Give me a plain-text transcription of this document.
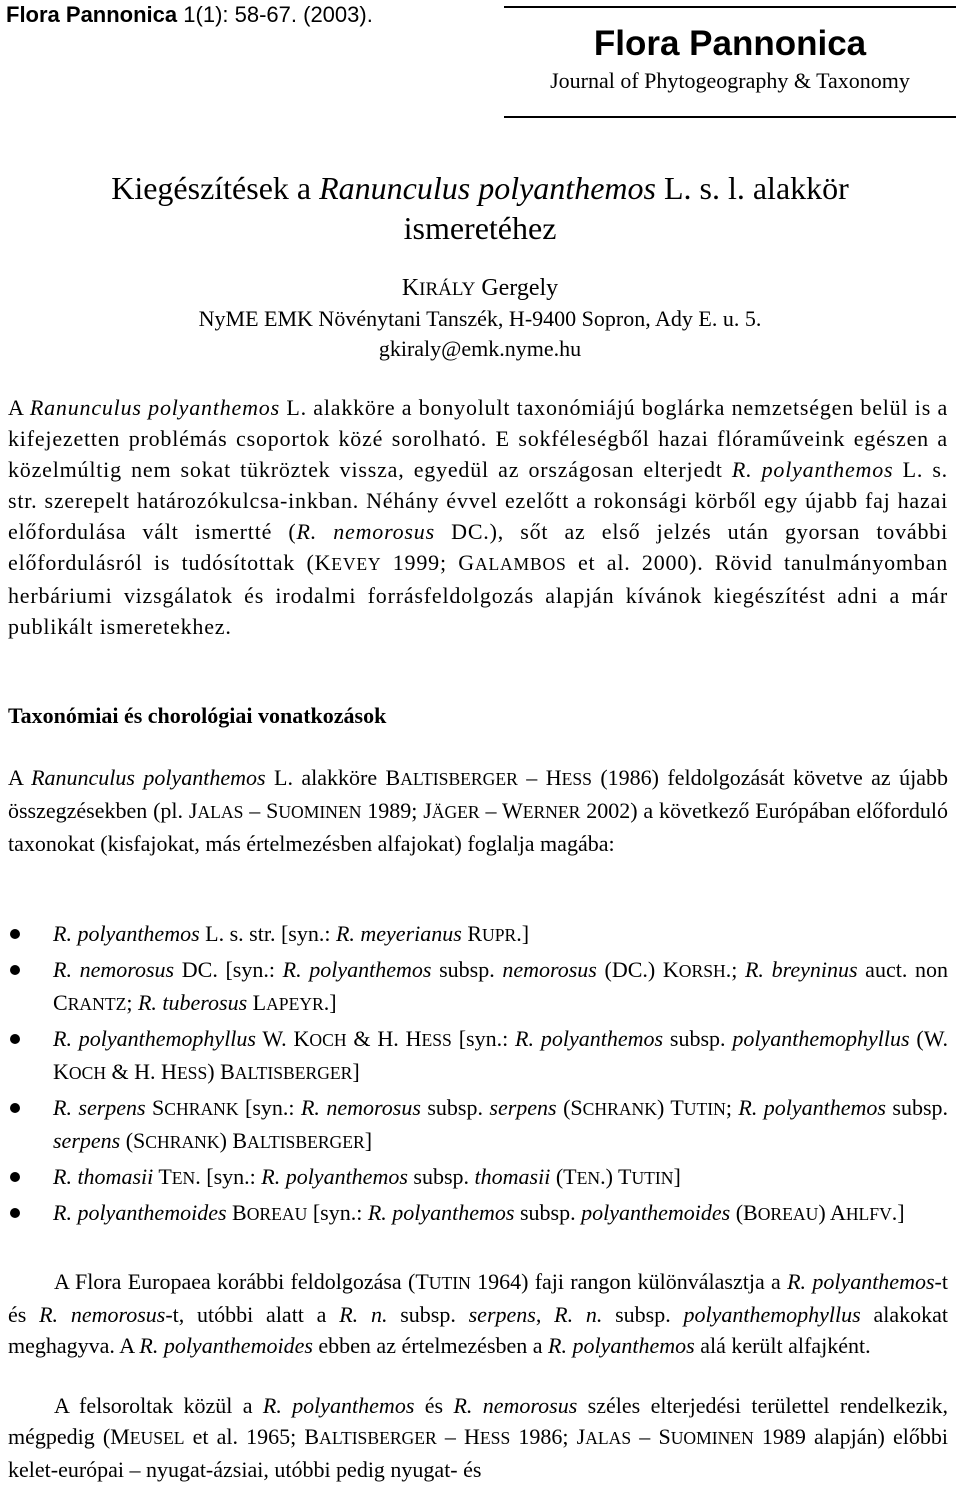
Flora Pannonica 1(1): 58-67. (2003).
Flora Pannonica
Journal of Phytogeography & Taxonomy
Kiegészítések a Ranunculus polyanthemos L. s. l. alakkör
ismeretéhez
KIRÁLY Gergely
NyME EMK Növénytani Tanszék, H-9400 Sopron, Ady E. u. 5.
gkiraly@emk.nyme.hu

A Ranunculus polyanthemos L. alakköre a bonyolult taxonómiájú boglárka nemzetségen belül is a kifejezetten problémás csoportok közé sorolható. E sokféleségből hazai flóraműveink egészen a közelmúltig nem sokat tükröztek vissza, egyedül az országosan elterjedt R. polyanthemos L. s. str. szerepelt határozókulcsa-inkban. Néhány évvel ezelőtt a rokonsági körből egy újabb faj hazai előfordulása vált ismertté (R. nemorosus DC.), sőt az első jelzés után gyorsan további előfordulásról is tudósítottak (KEVEY 1999; GALAMBOS et al. 2000). Rövid tanulmányomban herbáriumi vizsgálatok és irodalmi forrásfeldolgozás alapján kívánok kiegészítést adni a már publikált ismeretekhez.

Taxonómiai és chorológiai vonatkozások

A Ranunculus polyanthemos L. alakköre BALTISBERGER – HESS (1986) feldolgozását követve az újabb összegzésekben (pl. JALAS – SUOMINEN 1989; JÄGER – WERNER 2002) a következő Európában előforduló taxonokat (kisfajokat, más értelmezésben alfajokat) foglalja magába:

R. polyanthemos L. s. str. [syn.: R. meyerianus RUPR.]
R. nemorosus DC. [syn.: R. polyanthemos subsp. nemorosus (DC.) KORSH.; R. breyninus auct. non CRANTZ; R. tuberosus LAPEYR.]
R. polyanthemophyllus W. KOCH & H. HESS [syn.: R. polyanthemos subsp. polyanthemophyllus (W. KOCH & H. HESS) BALTISBERGER]
R. serpens SCHRANK [syn.: R. nemorosus subsp. serpens (SCHRANK) TUTIN; R. polyanthemos subsp. serpens (SCHRANK) BALTISBERGER]
R. thomasii TEN. [syn.: R. polyanthemos subsp. thomasii (TEN.) TUTIN]
R. polyanthemoides BOREAU [syn.: R. polyanthemos subsp. polyanthemoides (BOREAU) AHLFV.]

A Flora Europaea korábbi feldolgozása (TUTIN 1964) faji rangon különválasztja a R. polyanthemos-t és R. nemorosus-t, utóbbi alatt a R. n. subsp. serpens, R. n. subsp. polyanthemophyllus alakokat meghagyva. A R. polyanthemoides ebben az értelmezésben a R. polyanthemos alá került alfajként.

A felsoroltak közül a R. polyanthemos és R. nemorosus széles elterjedési területtel rendelkezik, mégpedig (MEUSEL et al. 1965; BALTISBERGER – HESS 1986; JALAS – SUOMINEN 1989 alapján) előbbi kelet-európai – nyugat-ázsiai, utóbbi pedig nyugat- és
